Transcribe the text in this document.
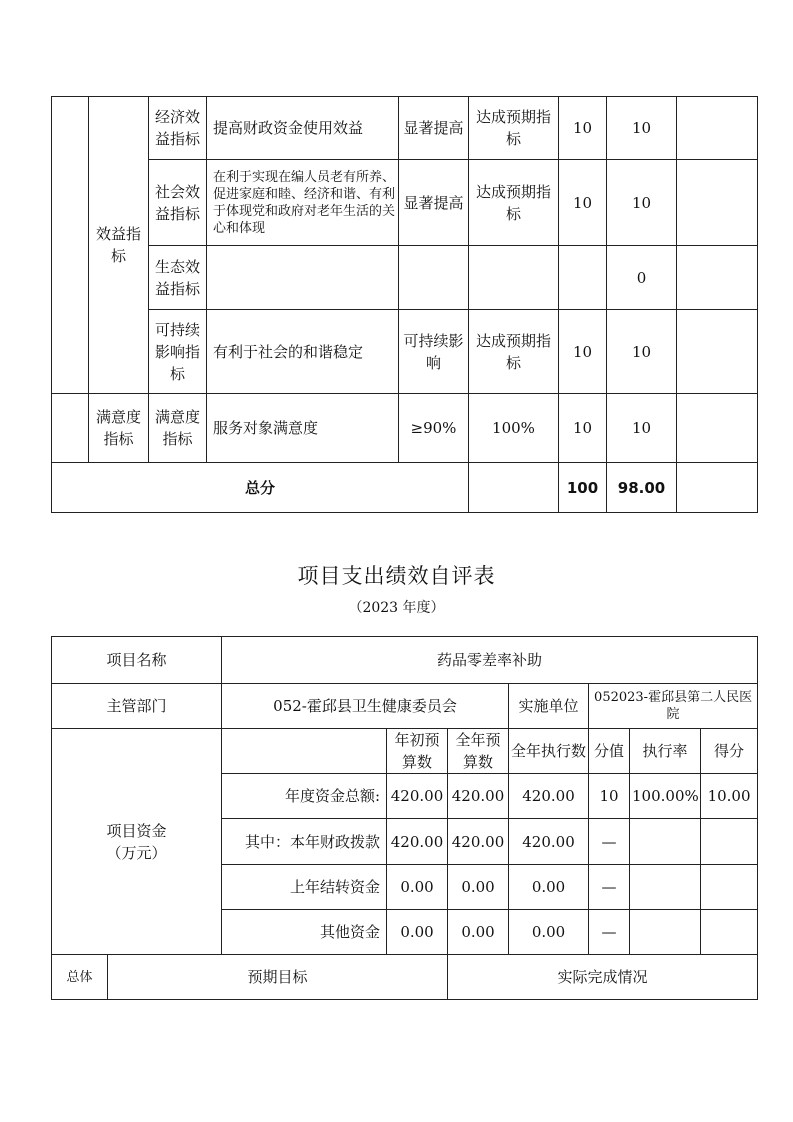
	效益指标	经济效益指标	提高财政资金使用效益	显著提高	达成预期指标	10	10	
		社会效益指标	在利于实现在编人员老有所养、促进家庭和睦、经济和谐、有利于体现党和政府对老年生活的关心和体现	显著提高	达成预期指标	10	10	
		生态效益指标					0	
		可持续影响指标	有利于社会的和谐稳定	可持续影响	达成预期指标	10	10	
	满意度指标	满意度指标	服务对象满意度	≥90%	100%	10	10	
总分						100	98.00	
项目支出绩效自评表
（2023 年度）
项目名称		药品零差率补助						
主管部门		052-霍邱县卫生健康委员会			实施单位	052023-霍邱县第二人民医院		

项目资金
（万元）			年初预算数	全年预算数	全年执行数	分值	执行率	得分
		年度资金总额:	420.00	420.00	420.00	10	100.00%	10.00
		其中：本年财政拨款	420.00	420.00	420.00	—		
		上年结转资金	0.00	0.00	0.00	—		
		其他资金	0.00	0.00	0.00	—		
总体	预期目标			实际完成情况				
